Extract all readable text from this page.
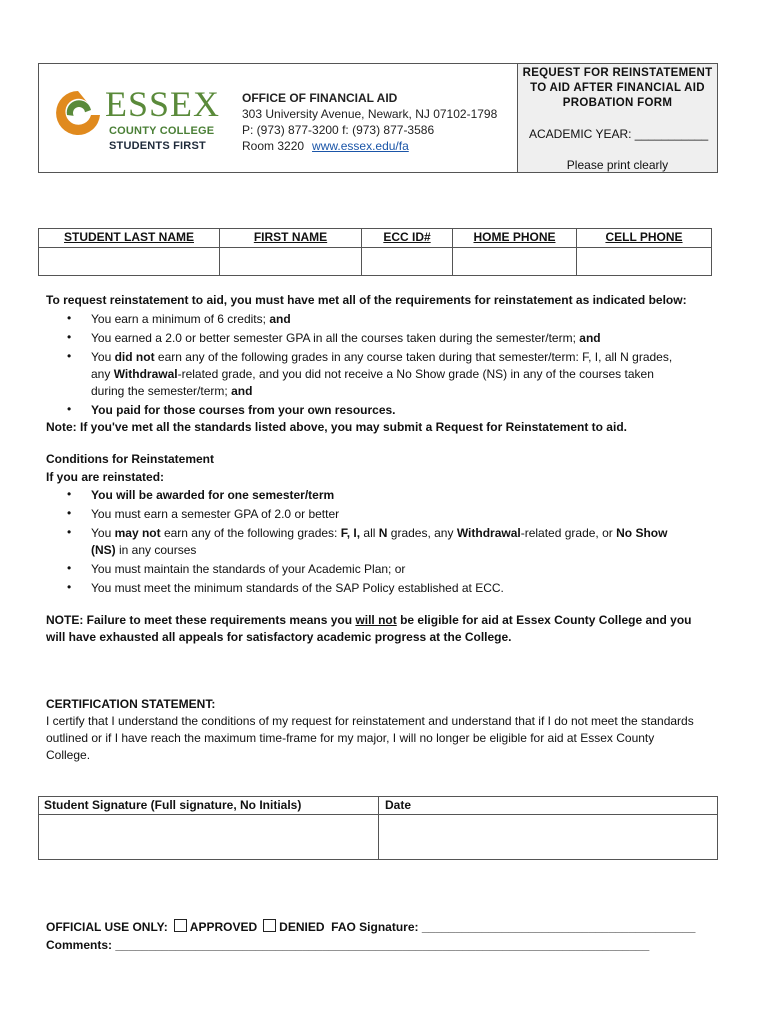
ESSEX
COUNTY COLLEGE
STUDENTS FIRST
OFFICE OF FINANCIAL AID
303 University Avenue, Newark, NJ 07102-1798
P: (973) 877-3200 f: (973) 877-3586
Room 3220 www.essex.edu/fa
REQUEST FOR REINSTATEMENT
TO AID AFTER FINANCIAL AID
PROBATION FORM
ACADEMIC YEAR: ___________
Please print clearly
STUDENT LAST NAME	FIRST NAME	ECC ID#	HOME PHONE	CELL PHONE
To request reinstatement to aid, you must have met all of the requirements for reinstatement as indicated below:
• You earn a minimum of 6 credits; and
• You earned a 2.0 or better semester GPA in all the courses taken during the semester/term; and
• You did not earn any of the following grades in any course taken during that semester/term: F, I, all N grades,
any Withdrawal-related grade, and you did not receive a No Show grade (NS) in any of the courses taken
during the semester/term; and
• You paid for those courses from your own resources.
Note: If you've met all the standards listed above, you may submit a Request for Reinstatement to aid.
Conditions for Reinstatement
If you are reinstated:
• You will be awarded for one semester/term
• You must earn a semester GPA of 2.0 or better
• You may not earn any of the following grades: F, I, all N grades, any Withdrawal-related grade, or No Show
(NS) in any courses
• You must maintain the standards of your Academic Plan; or
• You must meet the minimum standards of the SAP Policy established at ECC.
NOTE: Failure to meet these requirements means you will not be eligible for aid at Essex County College and you
will have exhausted all appeals for satisfactory academic progress at the College.
CERTIFICATION STATEMENT:
I certify that I understand the conditions of my request for reinstatement and understand that if I do not meet the standards
outlined or if I have reach the maximum time-frame for my major, I will no longer be eligible for aid at Essex County
College.
Student Signature (Full signature, No Initials)	Date
OFFICIAL USE ONLY: APPROVED DENIED FAO Signature: _________________________________________
Comments: ________________________________________________________________________________
